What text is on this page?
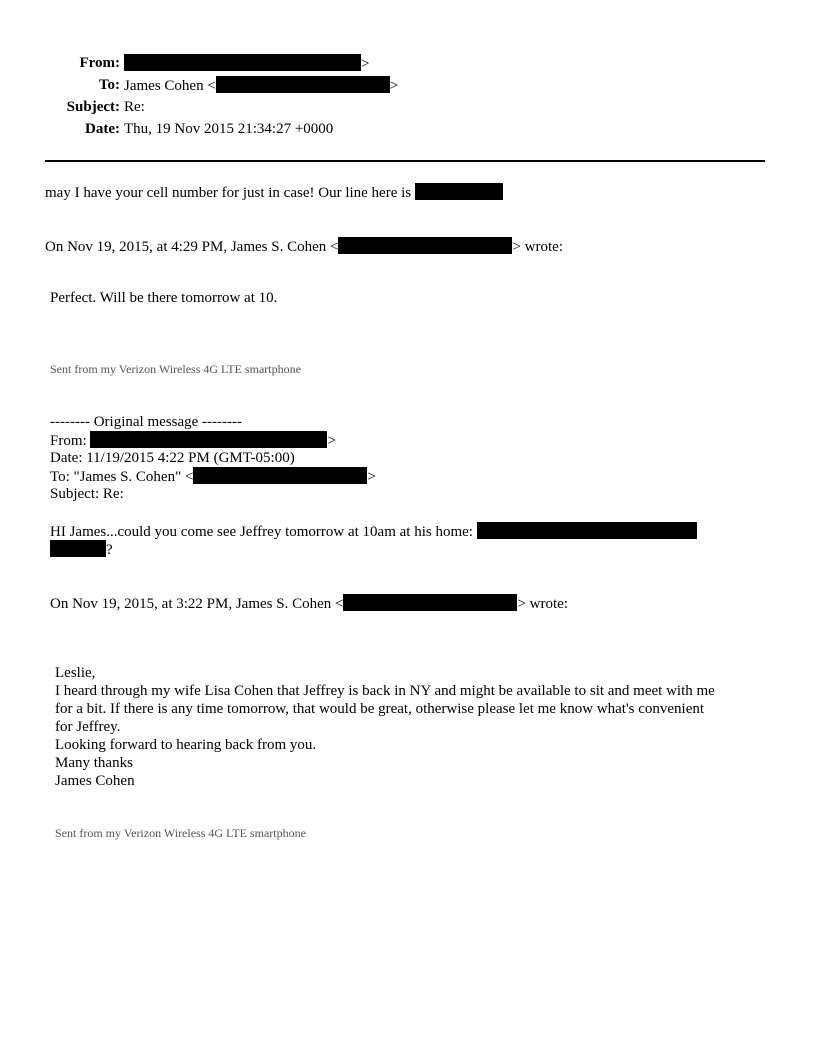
From:	>
To: James Cohen <	>
Subject: Re:
Date: Thu, 19 Nov 2015 21:34:27 +0000
may I have your cell number for just in case! Our line here is
On Nov 19, 2015, at 4:29 PM, James S. Cohen <	> wrote:
Perfect. Will be there tomorrow at 10.
Sent from my Verizon Wireless 4G LTE smartphone
-------- Original message --------
From:	>
Date: 11/19/2015 4:22 PM (GMT-05:00)
To: "James S. Cohen" <	>
Subject: Re:
HI James...could you come see Jeffrey tomorrow at 10am at his home:
?
On Nov 19, 2015, at 3:22 PM, James S. Cohen <	> wrote:
Leslie,
I heard through my wife Lisa Cohen that Jeffrey is back in NY and might be available to sit and meet with me
for a bit. If there is any time tomorrow, that would be great, otherwise please let me know what's convenient
for Jeffrey.
Looking forward to hearing back from you.
Many thanks
James Cohen
Sent from my Verizon Wireless 4G LTE smartphone
